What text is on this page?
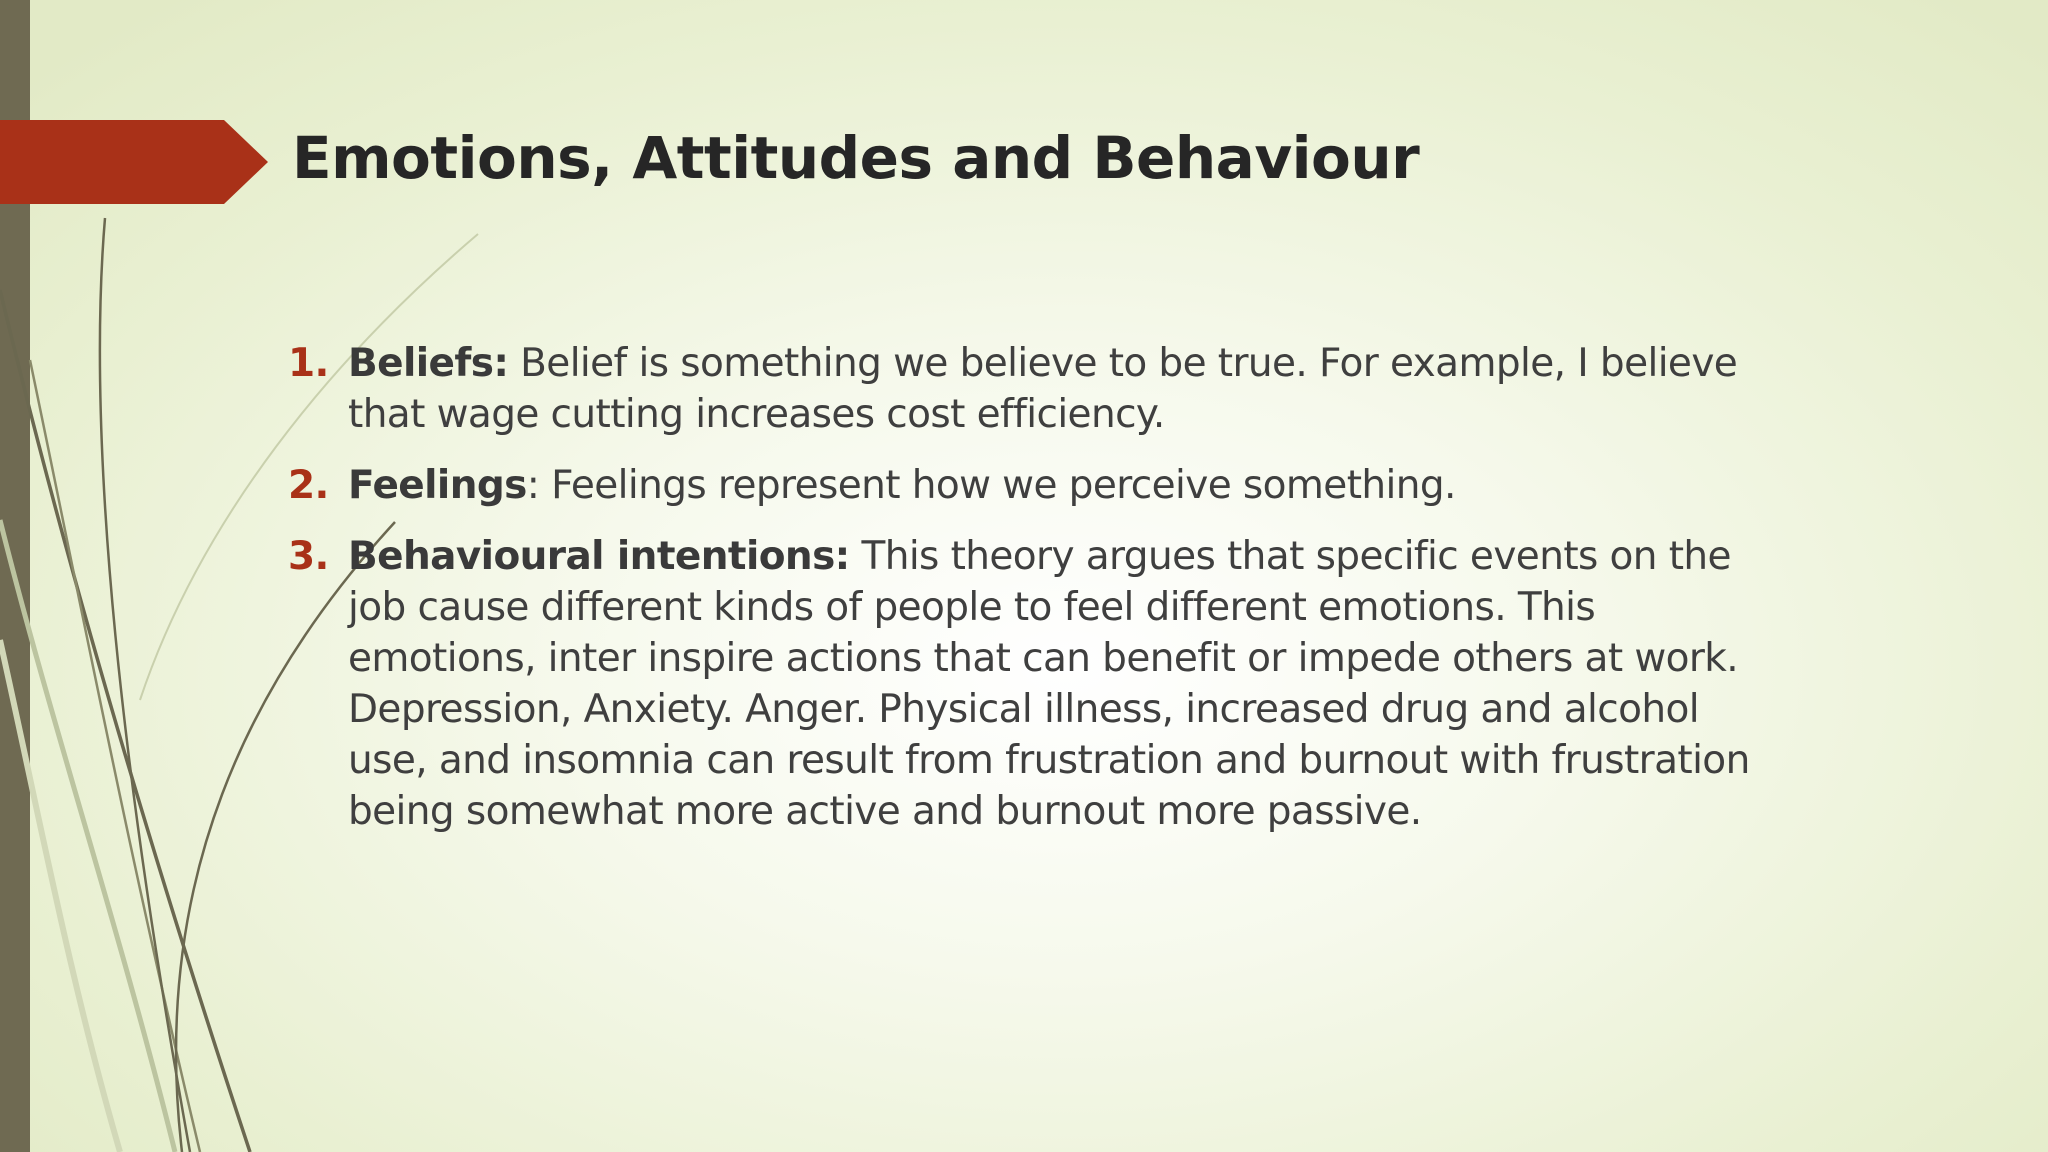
Emotions, Attitudes and Behaviour
1. Beliefs: Belief is something we believe to be true. For example, I believe that wage cutting increases cost efficiency.
2. Feelings: Feelings represent how we perceive something.
3. Behavioural intentions: This theory argues that specific events on the job cause different kinds of people to feel different emotions. This emotions, inter inspire actions that can benefit or impede others at work. Depression, Anxiety. Anger. Physical illness, increased drug and alcohol use, and insomnia can result from frustration and burnout with frustration being somewhat more active and burnout more passive.
